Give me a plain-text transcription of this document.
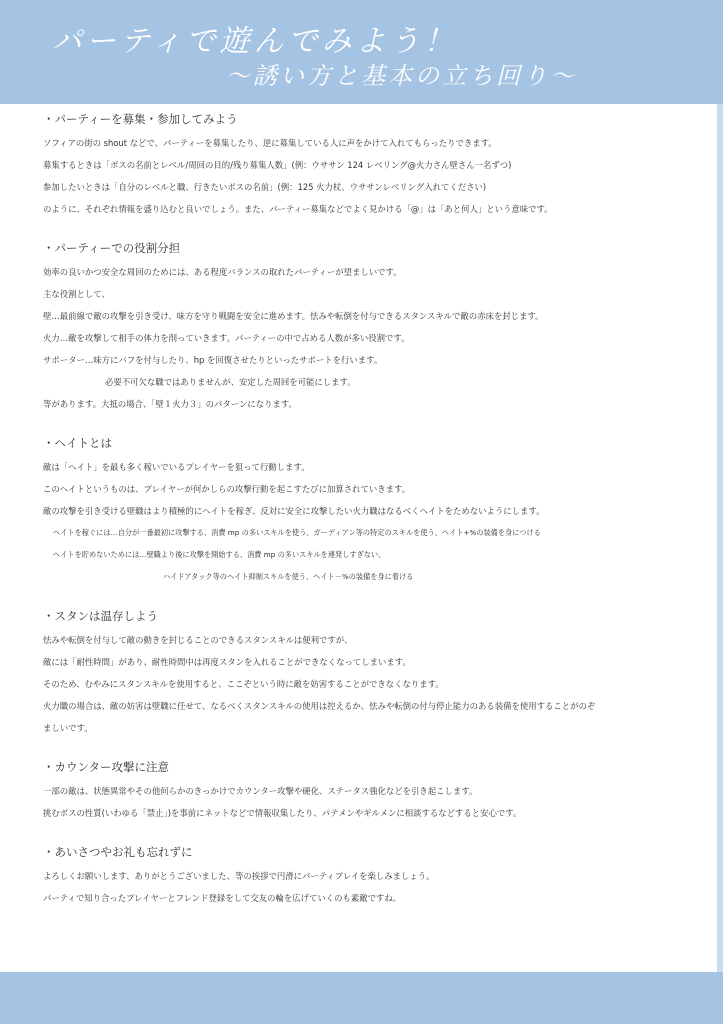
パーティで遊んでみよう！
～誘い方と基本の立ち回り～
・パーティーを募集・参加してみよう
ソフィアの街の shout などで、パーティーを募集したり、逆に募集している人に声をかけて入れてもらったりできます。
募集するときは「ボスの名前とレベル/周回の目的/残り募集人数」(例：ウササン 124 レベリング@火力さん壁さん一名ずつ)
参加したいときは「自分のレベルと職、行きたいボスの名前」(例：125 火力杖、ウササンレベリング入れてください)
のように、それぞれ情報を盛り込むと良いでしょう。また、パーティー募集などでよく見かける「@」は「あと何人」という意味です。
・パーティーでの役割分担
効率の良いかつ安全な周回のためには、ある程度バランスの取れたパーティーが望ましいです。
主な役割として、
壁…最前線で敵の攻撃を引き受け、味方を守り戦闘を安全に進めます。怯みや転倒を付与できるスタンスキルで敵の赤床を封じます。
火力…敵を攻撃して相手の体力を削っていきます。パーティーの中で占める人数が多い役割です。
サポーター…味方にバフを付与したり、hp を回復させたりといったサポートを行います。
必要不可欠な職ではありませんが、安定した周回を可能にします。
等があります。大抵の場合、「壁１火力３」のパターンになります。
・ヘイトとは
敵は「ヘイト」を最も多く稼いでいるプレイヤーを狙って行動します。
このヘイトというものは、プレイヤーが何かしらの攻撃行動を起こすたびに加算されていきます。
敵の攻撃を引き受ける壁職はより積極的にヘイトを稼ぎ、反対に安全に攻撃したい火力職はなるべくヘイトをためないようにします。
ヘイトを稼ぐには…自分が一番最初に攻撃する、消費 mp の多いスキルを使う、ガーディアン等の特定のスキルを使う、ヘイト+%の装備を身につける
ヘイトを貯めないためには…壁職より後に攻撃を開始する、消費 mp の多いスキルを連発しすぎない、
ハイドアタック等のヘイト抑制スキルを使う、ヘイト－%の装備を身に着ける
・スタンは温存しよう
怯みや転倒を付与して敵の動きを封じることのできるスタンスキルは便利ですが、
敵には「耐性時間」があり、耐性時間中は再度スタンを入れることができなくなってしまいます。
そのため、むやみにスタンスキルを使用すると、ここぞという時に敵を妨害することができなくなります。
火力職の場合は、敵の妨害は壁職に任せて、なるべくスタンスキルの使用は控えるか、怯みや転倒の付与停止能力のある装備を使用することがのぞ
ましいです。
・カウンター攻撃に注意
一部の敵は、状態異常やその他何らかのきっかけでカウンター攻撃や硬化、ステータス強化などを引き起こします。
挑むボスの性質(いわゆる「禁止」)を事前にネットなどで情報収集したり、パテメンやギルメンに相談するなどすると安心です。
・あいさつやお礼も忘れずに
よろしくお願いします、ありがとうございました、等の挨拶で円滑にパーティプレイを楽しみましょう。
パーティで知り合ったプレイヤーとフレンド登録をして交友の輪を広げていくのも素敵ですね。
